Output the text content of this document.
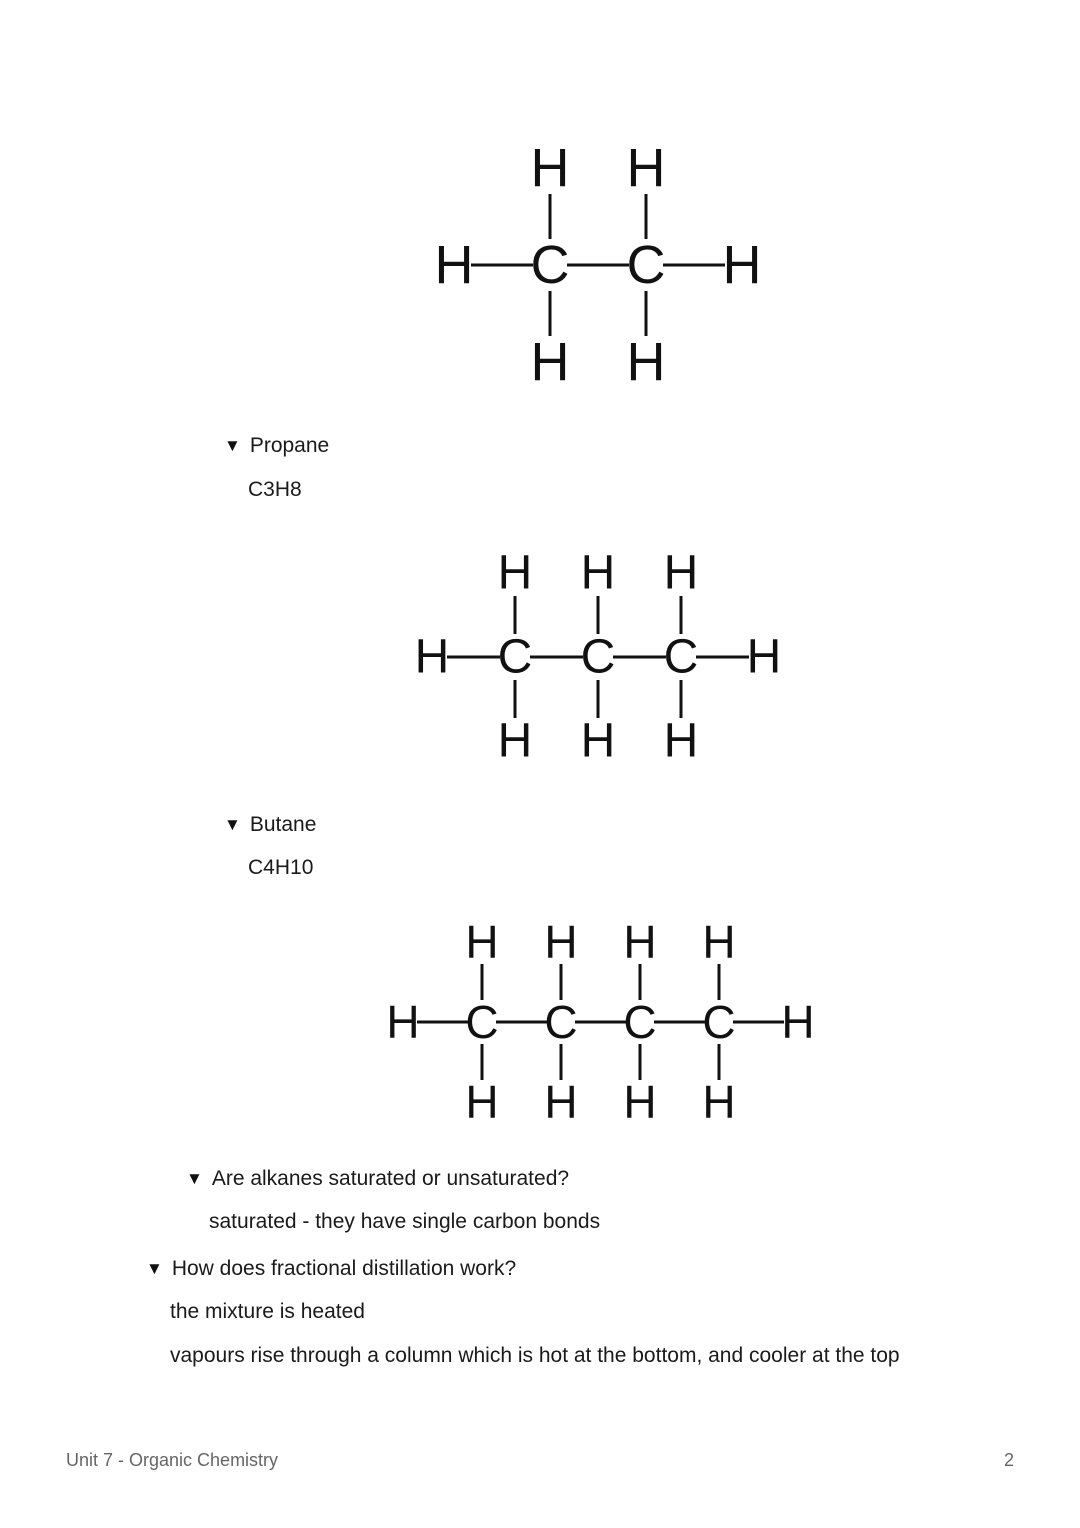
H C
H
H
C
H
H
H
▼ Propane
C3H8
H C
H
H
C
H
H
C
H
H
H
▼ Butane
C4H10
H C
H
H
C
H
H
C
H
H
C
H
H
H
▼ Are alkanes saturated or unsaturated?
saturated - they have single carbon bonds
▼ How does fractional distillation work?
the mixture is heated
vapours rise through a column which is hot at the bottom, and cooler at the top
Unit 7 - Organic Chemistry	2
